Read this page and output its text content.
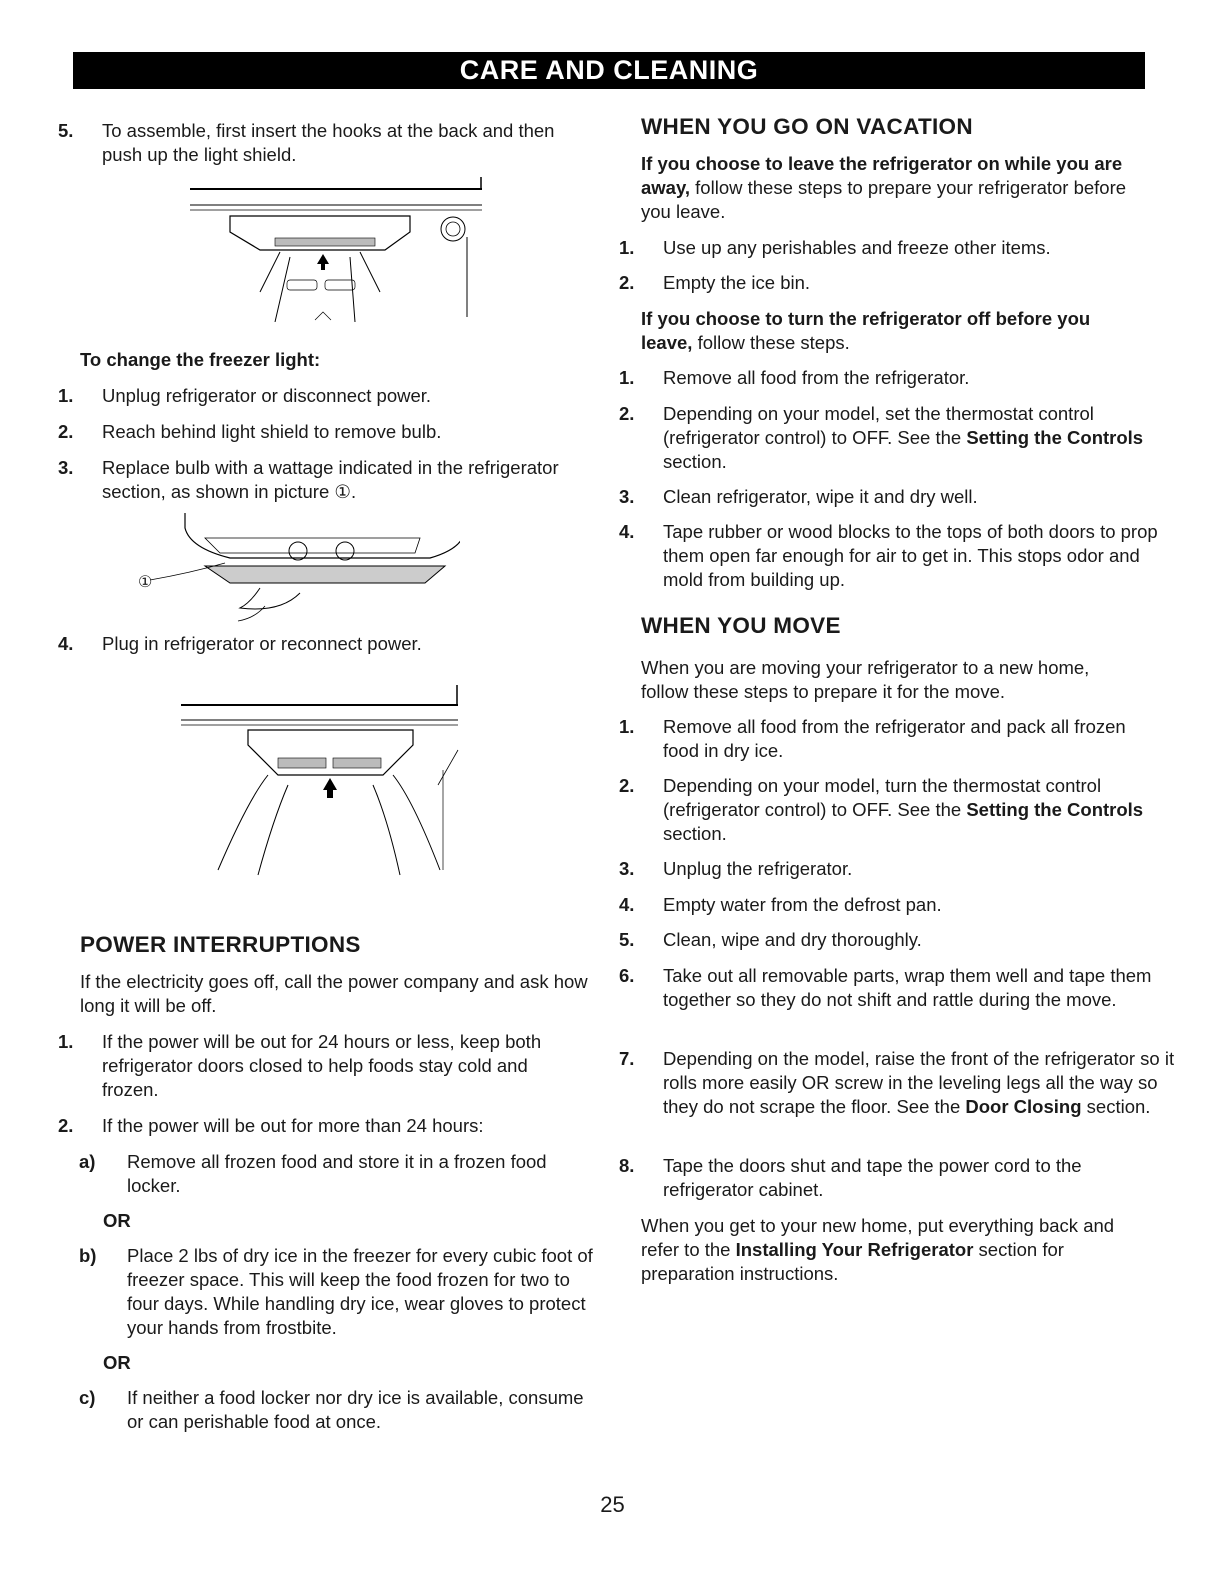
CARE AND CLEANING
5. To assemble, first insert the hooks at the back and then push up the light shield.

To change the freezer light:

1. Unplug refrigerator or disconnect power.
2. Reach behind light shield to remove bulb.
3. Replace bulb with a wattage indicated in the refrigerator section, as shown in picture ①.
①
4. Plug in refrigerator or reconnect power.
POWER INTERRUPTIONS

If the electricity goes off, call the power company and ask how long it will be off.

1. If the power will be out for 24 hours or less, keep both refrigerator doors closed to help foods stay cold and frozen.
2. If the power will be out for more than 24 hours:
a) Remove all frozen food and store it in a frozen food locker.

OR

b) Place 2 lbs of dry ice in the freezer for every cubic foot of freezer space. This will keep the food frozen for two to four days. While handling dry ice, wear gloves to protect your hands from frostbite.

OR

c) If neither a food locker nor dry ice is available, consume or can perishable food at once.
WHEN YOU GO ON VACATION

If you choose to leave the refrigerator on while you are away, follow these steps to prepare your refrigerator before you leave.

1. Use up any perishables and freeze other items.
2. Empty the ice bin.

If you choose to turn the refrigerator off before you leave, follow these steps.

1. Remove all food from the refrigerator.
2. Depending on your model, set the thermostat control (refrigerator control) to OFF. See the Setting the Controls section.
3. Clean refrigerator, wipe it and dry well.
4. Tape rubber or wood blocks to the tops of both doors to prop them open far enough for air to get in. This stops odor and mold from building up.
WHEN YOU MOVE

When you are moving your refrigerator to a new home, follow these steps to prepare it for the move.

1. Remove all food from the refrigerator and pack all frozen food in dry ice.
2. Depending on your model, turn the thermostat control (refrigerator control) to OFF. See the Setting the Controls section.
3. Unplug the refrigerator.
4. Empty water from the defrost pan.
5. Clean, wipe and dry thoroughly.
6. Take out all removable parts, wrap them well and tape them together so they do not shift and rattle during the move.
7. Depending on the model, raise the front of the refrigerator so it rolls more easily OR screw in the leveling legs all the way so they do not scrape the floor. See the Door Closing section.
8. Tape the doors shut and tape the power cord to the refrigerator cabinet.

When you get to your new home, put everything back and refer to the Installing Your Refrigerator section for preparation instructions.

25
